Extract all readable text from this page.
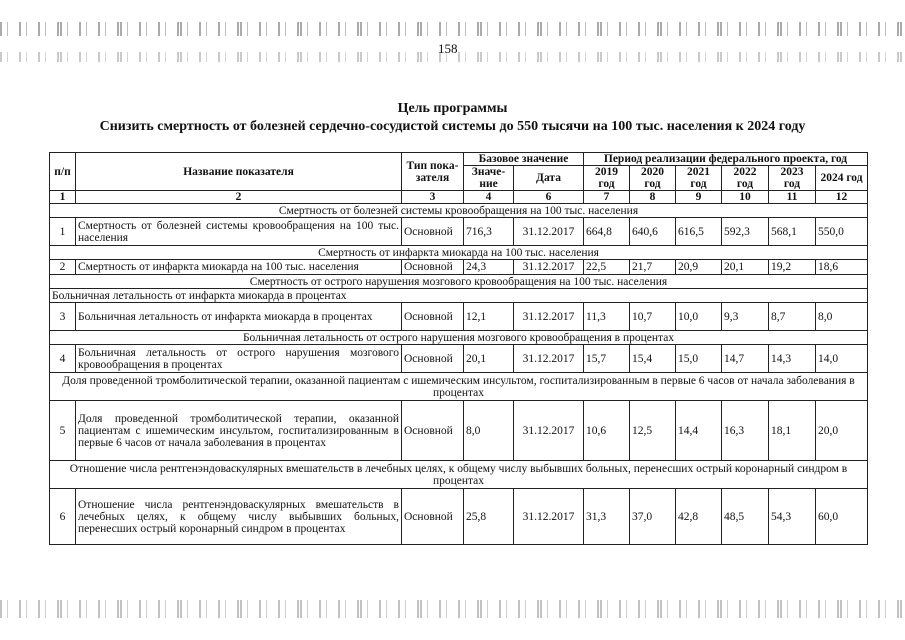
158
Цель программы
Снизить смертность от болезней сердечно-сосудистой системы до 550 тысячи на 100 тыс. населения к 2024 году
п/п	Название показателя	Тип пока-зателя	Базовое значение		Период реализации федерального проекта, год					
			Значе-ние	Дата	2019 год	2020 год	2021 год	2022 год	2023 год	2024 год
1	2	3	4	6	7	8	9	10	11	12
Смертность от болезней системы кровообращения на 100 тыс. населения										
1	Смертность от болезней системы кровообращения на 100 тыс. населения	Основной	716,3	31.12.2017	664,8	640,6	616,5	592,3	568,1	550,0
Смертность от инфаркта миокарда на 100 тыс. населения										
2	Смертность от инфаркта миокарда на 100 тыс. населения	Основной	24,3	31.12.2017	22,5	21,7	20,9	20,1	19,2	18,6
Смертность от острого нарушения мозгового кровообращения на 100 тыс. населения										
Больничная летальность от инфаркта миокарда в процентах										
3	Больничная летальность от инфаркта миокарда в процентах	Основной	12,1	31.12.2017	11,3	10,7	10,0	9,3	8,7	8,0
Больничная летальность от острого нарушения мозгового кровообращения в процентах										
4	Больничная летальность от острого нарушения мозгового кровообращения в процентах	Основной	20,1	31.12.2017	15,7	15,4	15,0	14,7	14,3	14,0
Доля проведенной тромболитической терапии, оказанной пациентам с ишемическим инсультом, госпитализированным в первые 6 часов от начала заболевания в процентах										
5	Доля проведенной тромболитической терапии, оказанной пациентам с ишемическим инсультом, госпитализированным в первые 6 часов от начала заболевания в процентах	Основной	8,0	31.12.2017	10,6	12,5	14,4	16,3	18,1	20,0
Отношение числа рентгенэндоваскулярных вмешательств в лечебных целях, к общему числу выбывших больных, перенесших острый коронарный синдром в процентах										
6	Отношение числа рентгенэндоваскулярных вмешательств в лечебных целях, к общему числу выбывших больных, перенесших острый коронарный синдром в процентах	Основной	25,8	31.12.2017	31,3	37,0	42,8	48,5	54,3	60,0
